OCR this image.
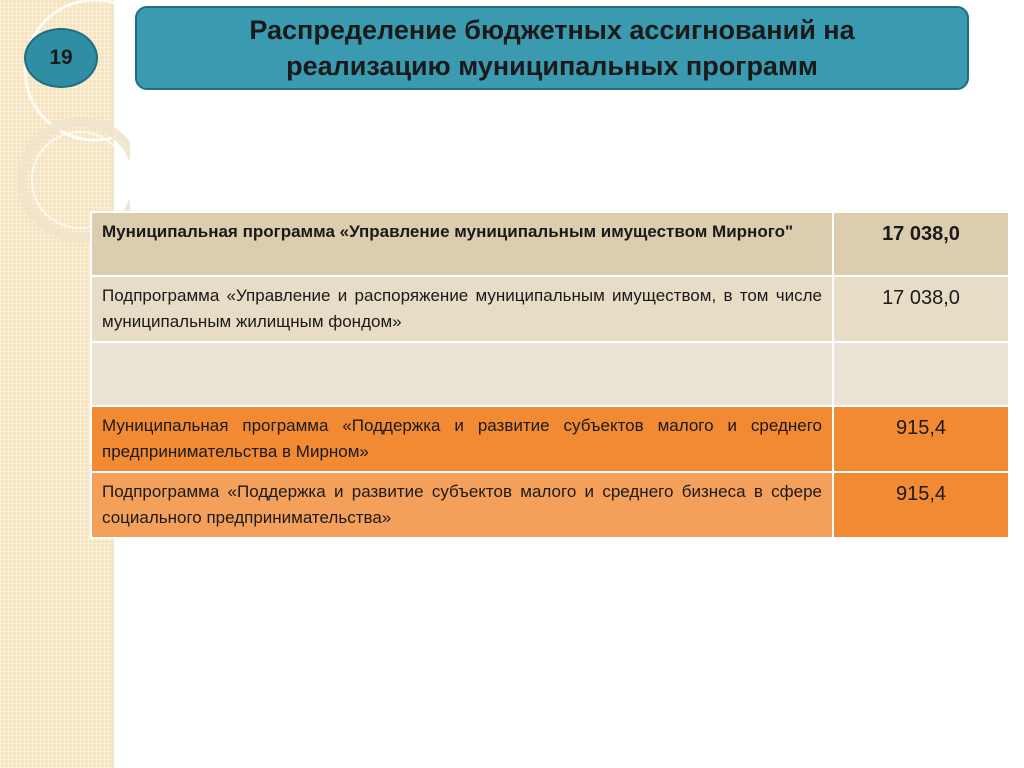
19
Распределение бюджетных ассигнований на
реализацию муниципальных программ
Муниципальная программа «Управление муниципальным имуществом Мирного"	17 038,0
Подпрограмма «Управление и распоряжение муниципальным имуществом, в том числе муниципальным жилищным фондом»	17 038,0

Муниципальная программа «Поддержка и развитие субъектов малого и среднего предпринимательства в Мирном»	915,4
Подпрограмма «Поддержка и развитие субъектов малого и среднего бизнеса в сфере социального предпринимательства»	915,4
